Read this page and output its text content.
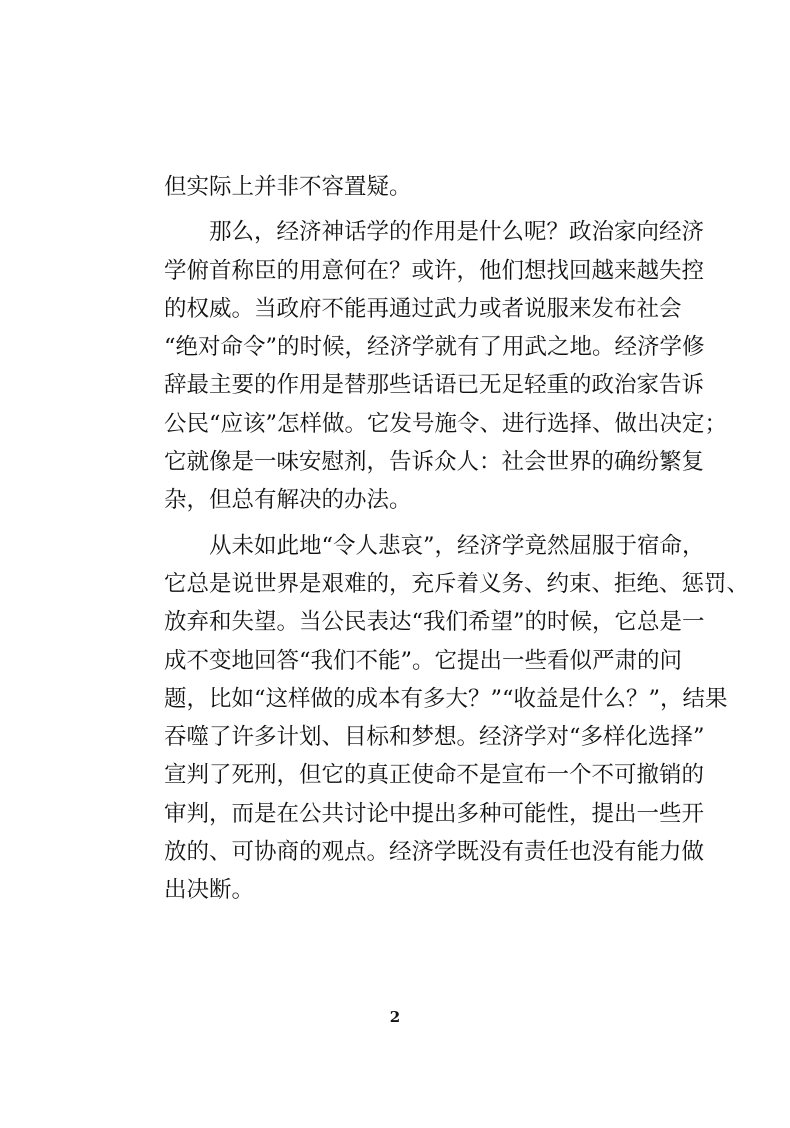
但实际上并非不容置疑。
那么，经济神话学的作用是什么呢？政治家向经济
学俯首称臣的用意何在？或许，他们想找回越来越失控
的权威。当政府不能再通过武力或者说服来发布社会
“绝对命令”的时候，经济学就有了用武之地。经济学修
辞最主要的作用是替那些话语已无足轻重的政治家告诉
公民“应该”怎样做。它发号施令、进行选择、做出决定；
它就像是一味安慰剂，告诉众人：社会世界的确纷繁复
杂，但总有解决的办法。
从未如此地“令人悲哀”，经济学竟然屈服于宿命，
它总是说世界是艰难的，充斥着义务、约束、拒绝、惩罚、
放弃和失望。当公民表达“我们希望”的时候，它总是一
成不变地回答“我们不能”。它提出一些看似严肃的问
题，比如“这样做的成本有多大？”“收益是什么？”，结果
吞噬了许多计划、目标和梦想。经济学对“多样化选择”
宣判了死刑，但它的真正使命不是宣布一个不可撤销的
审判，而是在公共讨论中提出多种可能性，提出一些开
放的、可协商的观点。经济学既没有责任也没有能力做
出决断。
2
